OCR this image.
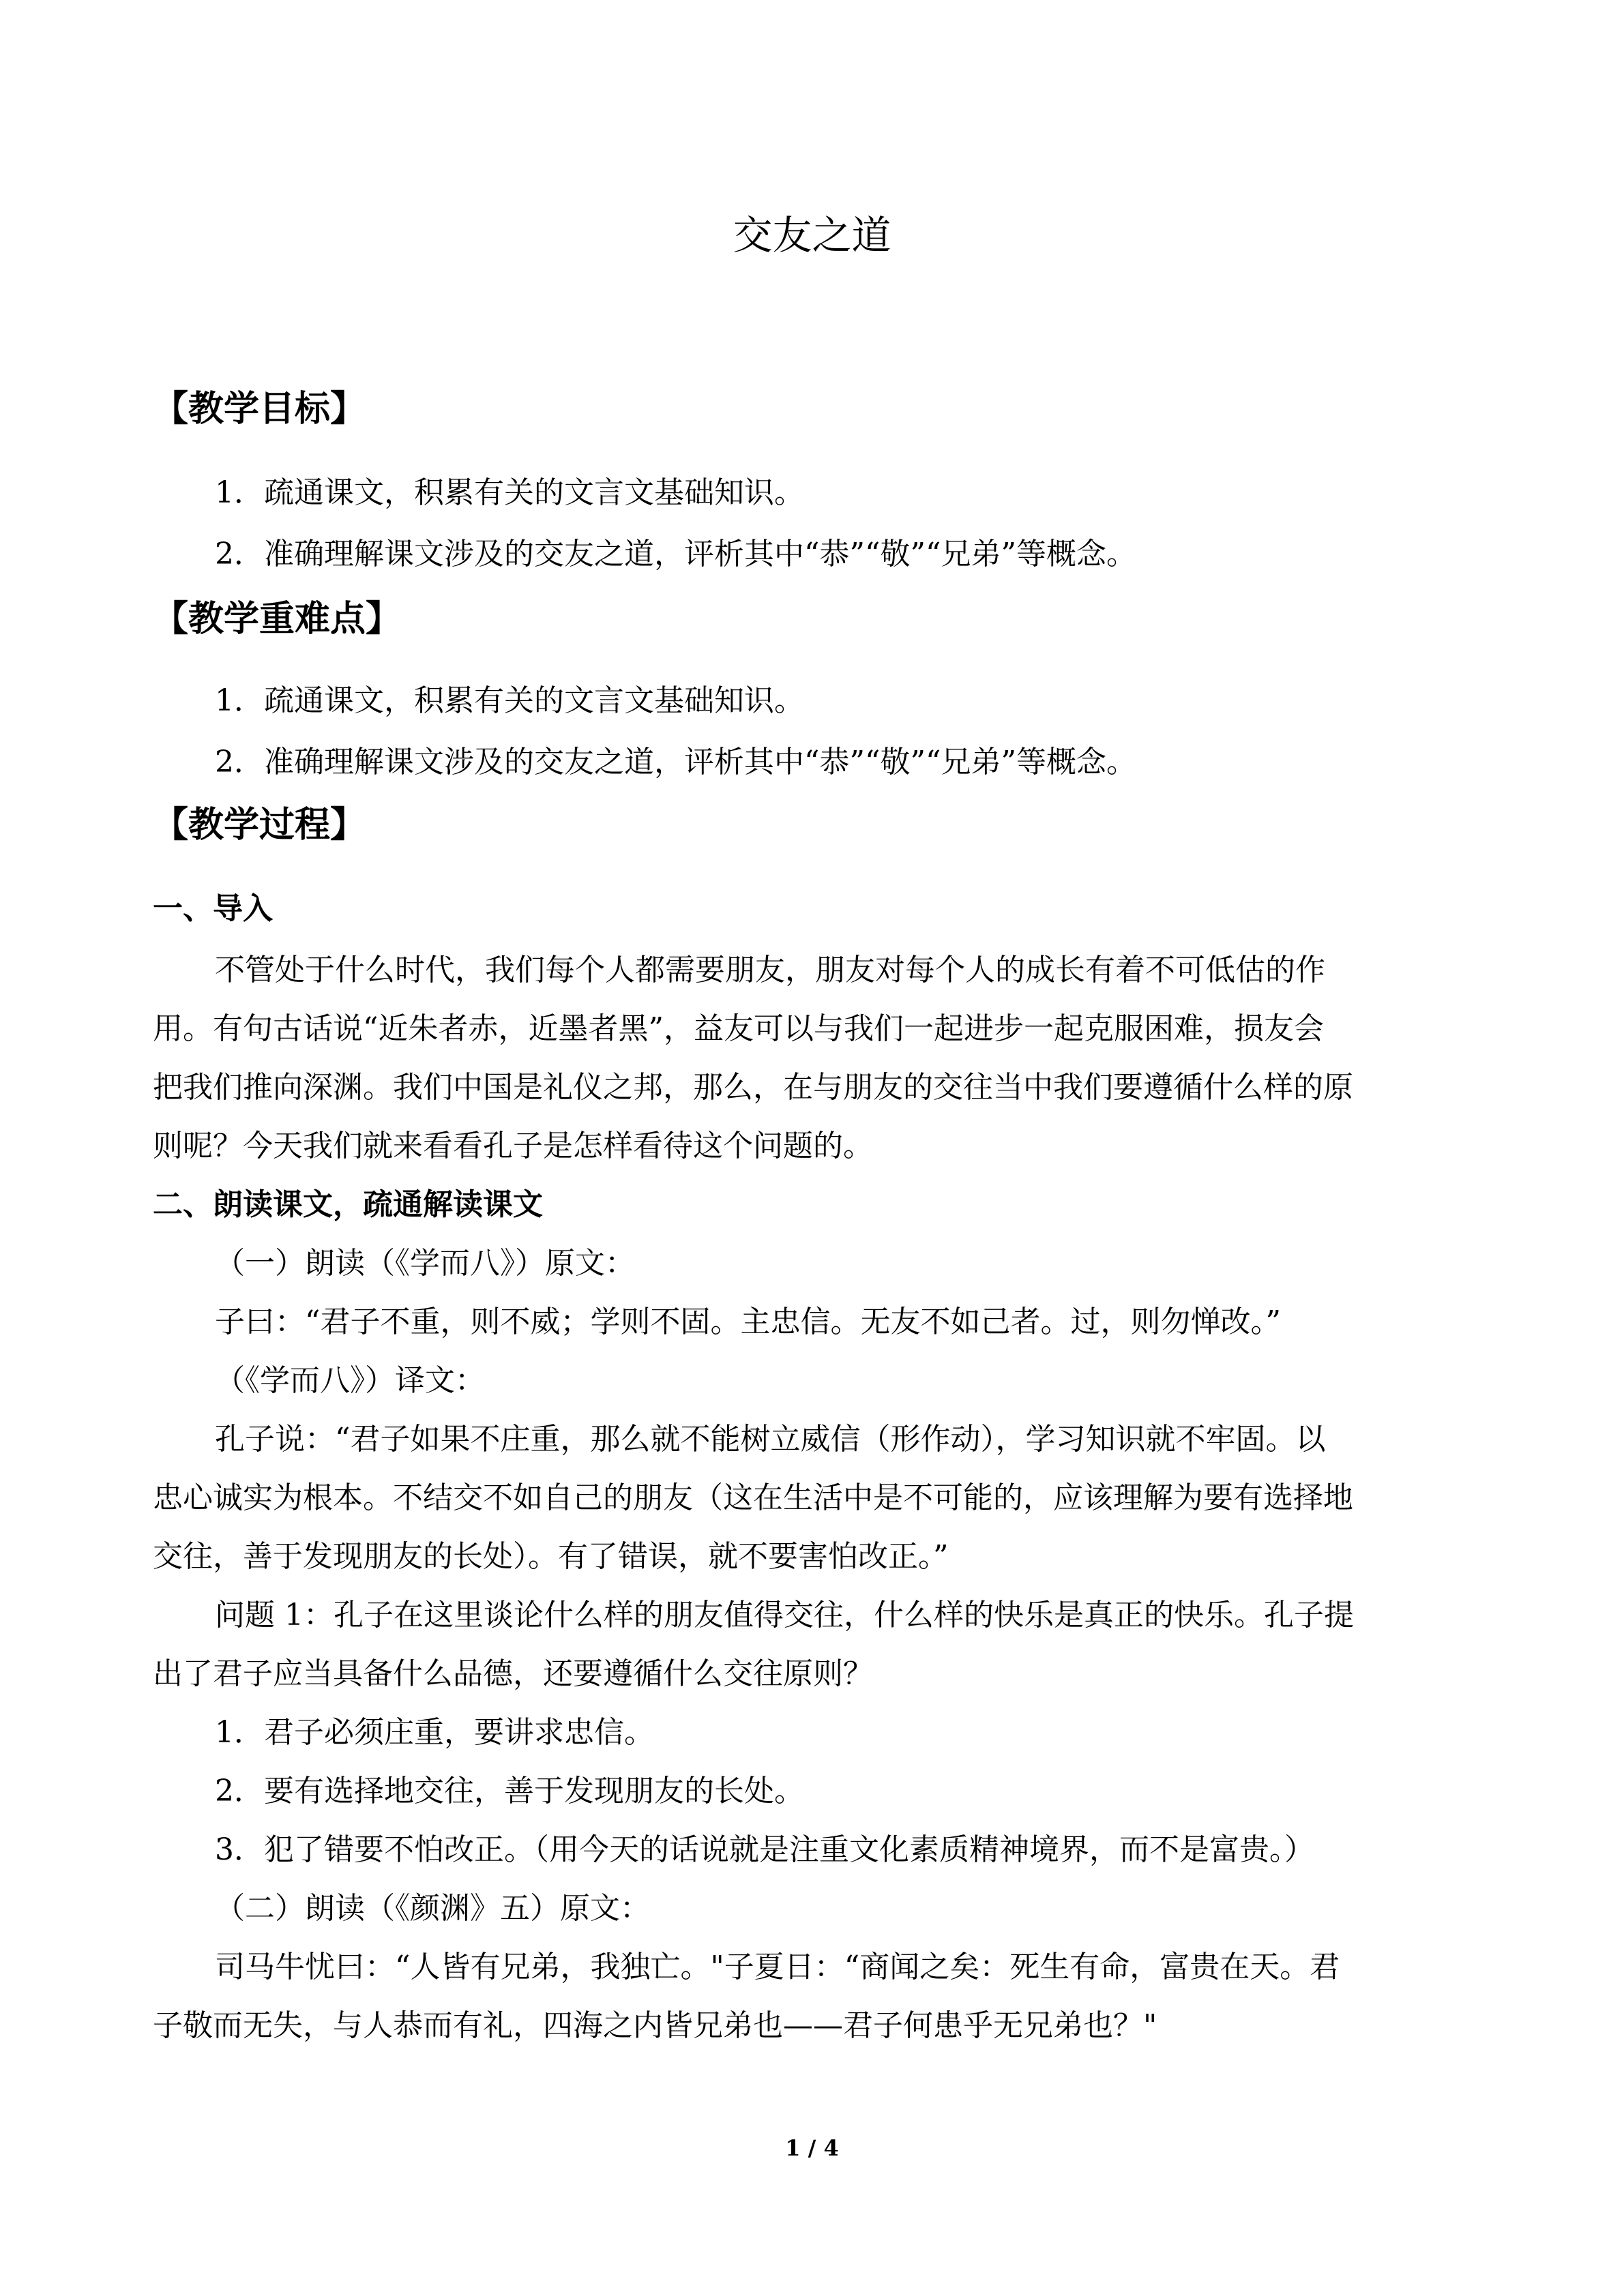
交友之道
【教学目标】
1．疏通课文，积累有关的文言文基础知识。
2．准确理解课文涉及的交友之道，评析其中“恭”“敬”“兄弟”等概念。
【教学重难点】
1．疏通课文，积累有关的文言文基础知识。
2．准确理解课文涉及的交友之道，评析其中“恭”“敬”“兄弟”等概念。
【教学过程】
一、导入
不管处于什么时代，我们每个人都需要朋友，朋友对每个人的成长有着不可低估的作
用。有句古话说“近朱者赤，近墨者黑”，益友可以与我们一起进步一起克服困难，损友会
把我们推向深渊。我们中国是礼仪之邦，那么，在与朋友的交往当中我们要遵循什么样的原
则呢？今天我们就来看看孔子是怎样看待这个问题的。
二、朗读课文，疏通解读课文
（一）朗读（《学而八》）原文：
子曰：“君子不重，则不威；学则不固。主忠信。无友不如己者。过，则勿惮改。”
（《学而八》）译文：
孔子说：“君子如果不庄重，那么就不能树立威信（形作动），学习知识就不牢固。以
忠心诚实为根本。不结交不如自己的朋友（这在生活中是不可能的，应该理解为要有选择地
交往，善于发现朋友的长处）。有了错误，就不要害怕改正。”
问题 1：孔子在这里谈论什么样的朋友值得交往，什么样的快乐是真正的快乐。孔子提
出了君子应当具备什么品德，还要遵循什么交往原则？
1．君子必须庄重，要讲求忠信。
2．要有选择地交往，善于发现朋友的长处。
3．犯了错要不怕改正。（用今天的话说就是注重文化素质精神境界，而不是富贵。）
（二）朗读（《颜渊》五）原文：
司马牛忧曰：“人皆有兄弟，我独亡。"子夏日：“商闻之矣：死生有命，富贵在天。君
子敬而无失，与人恭而有礼，四海之内皆兄弟也——君子何患乎无兄弟也？"
1 / 4
